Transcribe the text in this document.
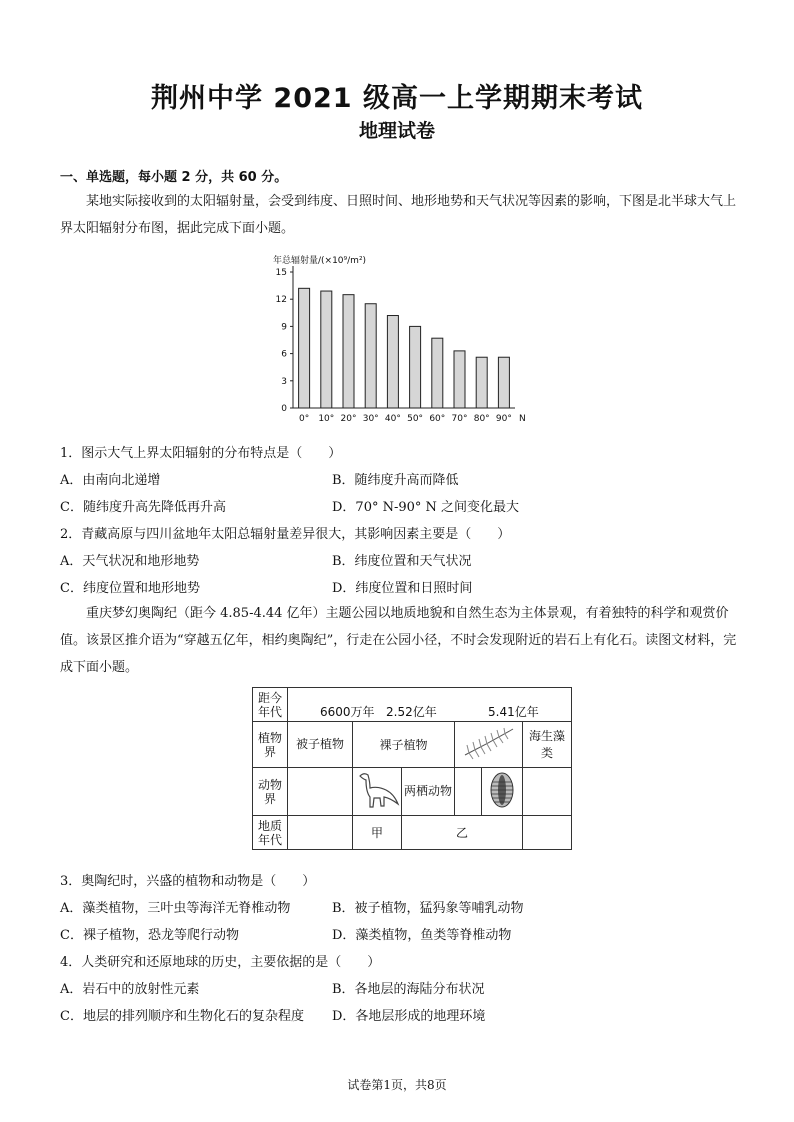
荆州中学 2021 级高一上学期期末考试
地理试卷
一、单选题，每小题 2 分，共 60 分。

某地实际接收到的太阳辐射量，会受到纬度、日照时间、地形地势和天气状况等因素的影响，下图是北半球大气上界太阳辐射分布图，据此完成下面小题。

年总辐射量/(×10⁹/m²)
0
3
6
9
12
15
0° 10° 20° 30° 40° 50° 60° 70° 80° 90° N
1．图示大气上界太阳辐射的分布特点是（　　）
A．由南向北递增	B．随纬度升高而降低
C．随纬度升高先降低再升高	D．70° N-90° N 之间变化最大
2．青藏高原与四川盆地年太阳总辐射量差异很大，其影响因素主要是（　　）
A．天气状况和地形地势	B．纬度位置和天气状况
C．纬度位置和地形地势	D．纬度位置和日照时间

重庆梦幻奥陶纪（距今 4.85-4.44 亿年）主题公园以地质地貌和自然生态为主体景观，有着独特的科学和观赏价值。该景区推介语为“穿越五亿年，相约奥陶纪”，行走在公园小径，不时会发现附近的岩石上有化石。读图文材料，完成下面小题。

距今年代	6600万年 2.52亿年 5.41亿年					

植物界	被子植物	裸子植物				海生藻类
动物界			两栖动物			
地质年代		甲	乙			
3．奥陶纪时，兴盛的植物和动物是（　　）
A．藻类植物，三叶虫等海洋无脊椎动物	B．被子植物，猛犸象等哺乳动物
C．裸子植物，恐龙等爬行动物	D．藻类植物，鱼类等脊椎动物
4．人类研究和还原地球的历史，主要依据的是（　　）
A．岩石中的放射性元素	B．各地层的海陆分布状况
C．地层的排列顺序和生物化石的复杂程度 D．各地层形成的地理环境
试卷第1页，共8页
